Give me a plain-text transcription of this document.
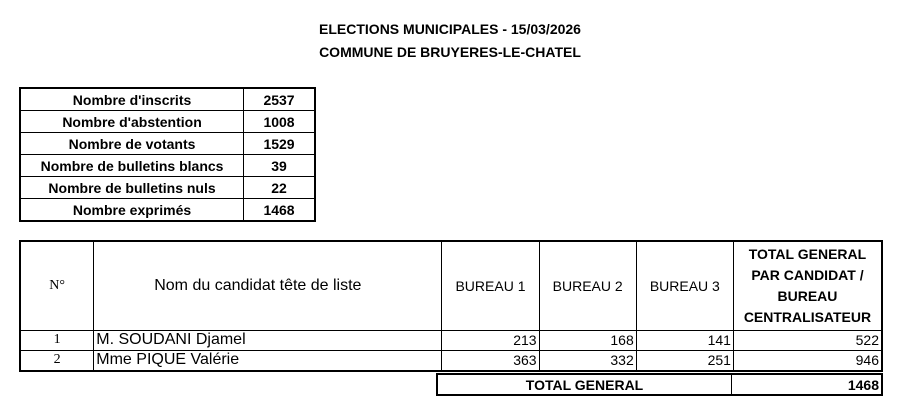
ELECTIONS MUNICIPALES - 15/03/2026
COMMUNE DE BRUYERES-LE-CHATEL
Nombre d'inscrits	2537
Nombre d'abstention	1008
Nombre de votants	1529
Nombre de bulletins blancs	39
Nombre de bulletins nuls	22
Nombre exprimés	1468
N°	Nom du candidat tête de liste	BUREAU 1	BUREAU 2	BUREAU 3	TOTAL GENERAL
PAR CANDIDAT /
BUREAU
CENTRALISATEUR

1	M. SOUDANI Djamel	213	168	141	522
2	Mme PIQUE Valérie	363	332	251	946
TOTAL GENERAL	1468
